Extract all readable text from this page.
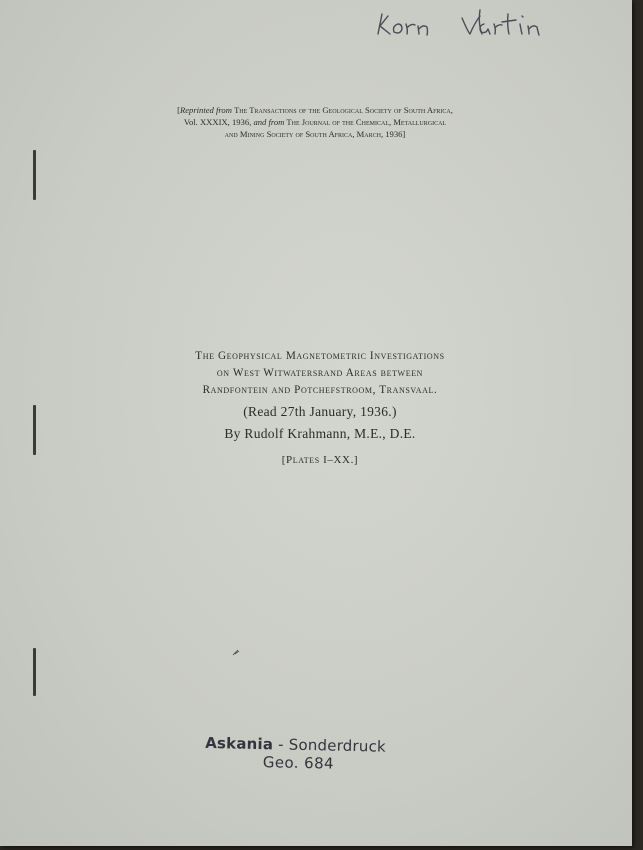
[Reprinted from The Transactions of the Geological Society of South Africa,
Vol. XXXIX, 1936, and from The Journal of the Chemical, Metallurgical
and Mining Society of South Africa, March, 1936]
The Geophysical Magnetometric Investigations
on West Witwatersrand Areas between
Randfontein and Potchefstroom, Transvaal.
(Read 27th January, 1936.)
By Rudolf Krahmann, M.E., D.E.
[Plates I–XX.]
Askania - Sonderdruck
Geo. 684
